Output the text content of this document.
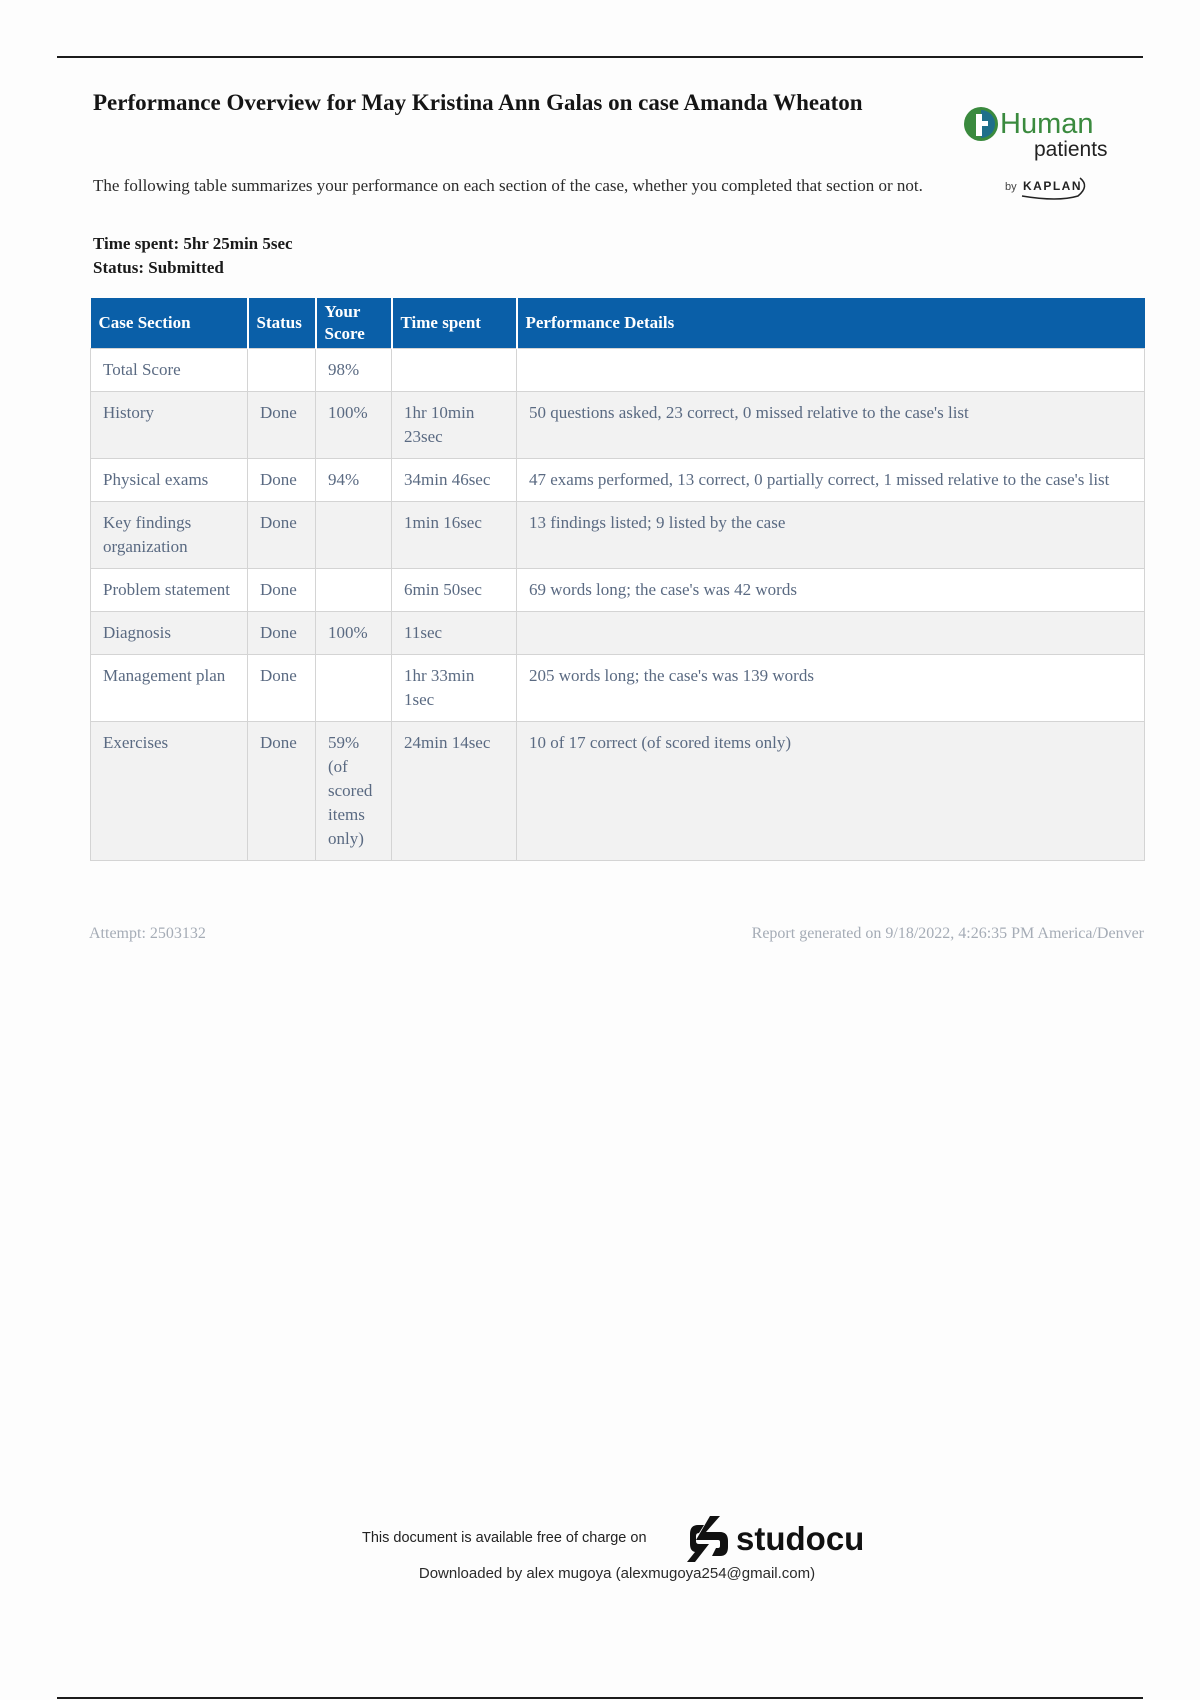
Performance Overview for May Kristina Ann Galas on case Amanda Wheaton
Human
patients
by KAPLAN
The following table summarizes your performance on each section of the case, whether you completed that section or not.
Time spent: 5hr 25min 5sec
Status: Submitted
Case Section	Status	Your Score	Time spent	Performance Details
Total Score		98%		
History	Done	100%	1hr 10min 23sec	50 questions asked, 23 correct, 0 missed relative to the case's list
Physical exams	Done	94%	34min 46sec	47 exams performed, 13 correct, 0 partially correct, 1 missed relative to the case's list
Key findings organization	Done		1min 16sec	13 findings listed; 9 listed by the case
Problem statement	Done		6min 50sec	69 words long; the case's was 42 words
Diagnosis	Done	100%	11sec	
Management plan	Done		1hr 33min 1sec	205 words long; the case's was 139 words
Exercises	Done	59% (of scored items only)	24min 14sec	10 of 17 correct (of scored items only)
Attempt: 2503132	Report generated on 9/18/2022, 4:26:35 PM America/Denver
This document is available free of charge on	studocu
Downloaded by alex mugoya (alexmugoya254@gmail.com)
